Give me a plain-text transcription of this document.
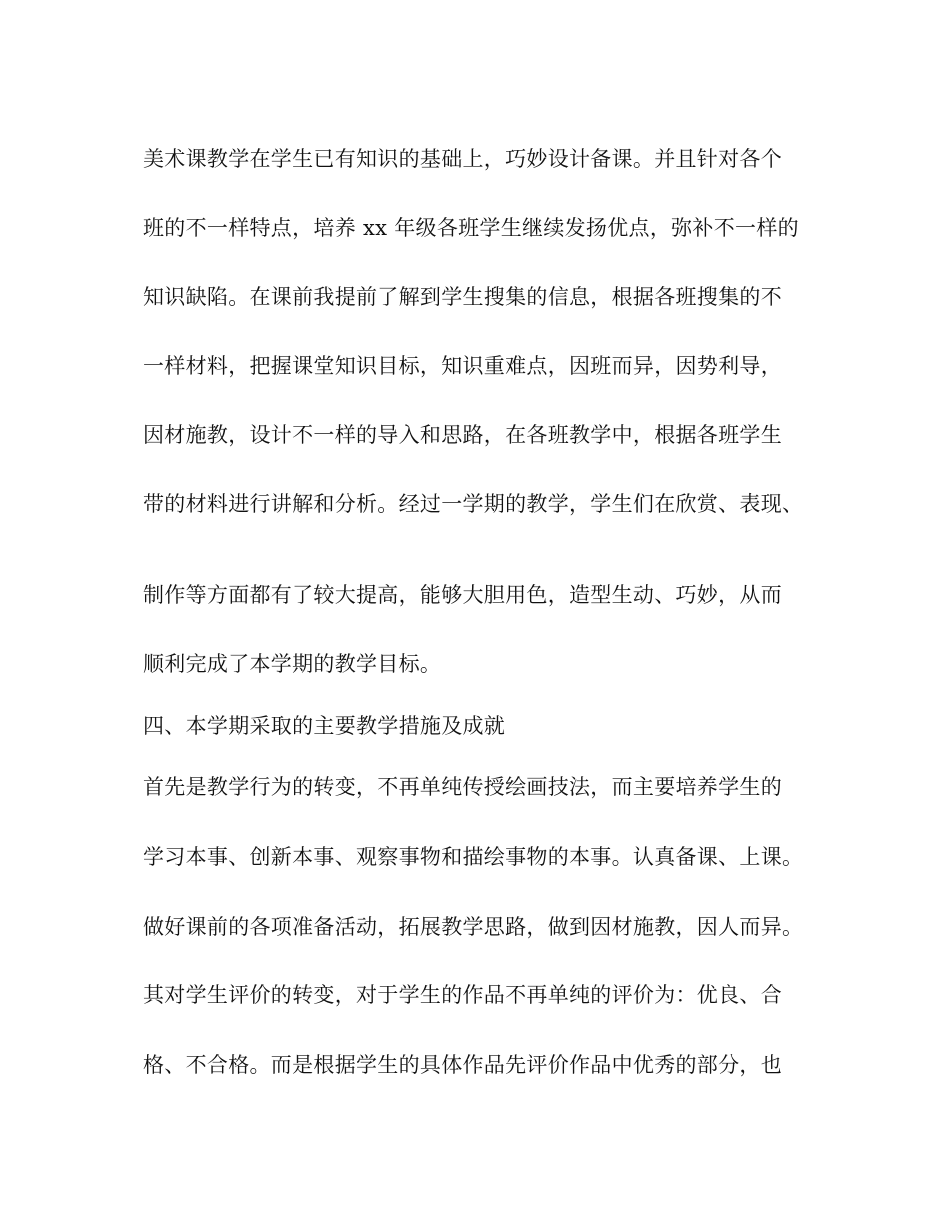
美术课教学在学生已有知识的基础上，巧妙设计备课。并且针对各个
班的不一样特点，培养 xx 年级各班学生继续发扬优点，弥补不一样的
知识缺陷。在课前我提前了解到学生搜集的信息，根据各班搜集的不
一样材料，把握课堂知识目标，知识重难点，因班而异，因势利导，
因材施教，设计不一样的导入和思路，在各班教学中，根据各班学生
带的材料进行讲解和分析。经过一学期的教学，学生们在欣赏、表现、
制作等方面都有了较大提高，能够大胆用色，造型生动、巧妙，从而
顺利完成了本学期的教学目标。
四、本学期采取的主要教学措施及成就
首先是教学行为的转变，不再单纯传授绘画技法，而主要培养学生的
学习本事、创新本事、观察事物和描绘事物的本事。认真备课、上课。
做好课前的各项准备活动，拓展教学思路，做到因材施教，因人而异。
其对学生评价的转变，对于学生的作品不再单纯的评价为：优良、合
格、不合格。而是根据学生的具体作品先评价作品中优秀的部分，也
